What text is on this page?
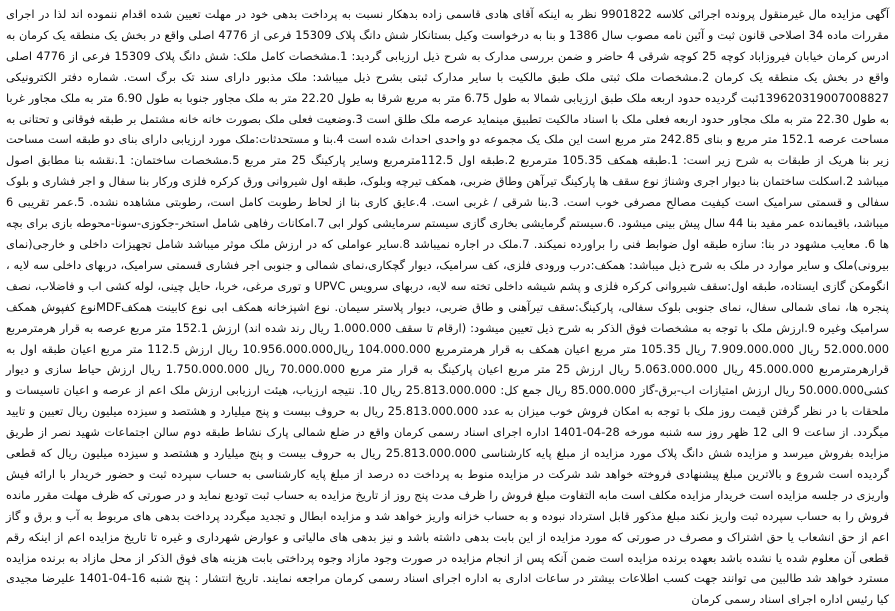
آگهی مزایده مال غیرمنقول پرونده اجرائی کلاسه 9901822 نظر به اینکه آقای هادی قاسمی زاده بدهکار نسبت به پرداخت بدهی خود در مهلت تعیین شده اقدام ننموده اند لذا در اجرای مقررات ماده 34 اصلاحی قانون ثبت و آئین نامه مصوب سال 1386 و بنا به درخواست وکیل بستانکار شش دانگ پلاک 15309 فرعی از 4776 اصلی واقع در بخش یک منطقه یک کرمان به ادرس کرمان خیابان فیروزاباد کوچه 25 کوچه شرقی 4 حاضر و ضمن بررسی مدارک به شرح ذیل ارزیابی گردید: 1.مشخصات کامل ملک: شش دانگ پلاک 15309 فرعی از 4776 اصلی واقع در بخش یک منطقه یک کرمان 2.مشخصات ملک ثبتی ملک طبق مالکیت با سایر مدارک ثبتی بشرح ذیل میباشد: ملک مذبور دارای سند تک برگ است. شماره دفتر الکترونیکی 139620319007008827ثبت گردیده حدود اربعه ملک طبق ارزیابی شمالا به طول 6.75 متر به مربع شرقا به طول 22.20 متر به ملک مجاور جنوبا به طول 6.90 متر به ملک مجاور غربا به طول 22.30 متر به ملک مجاور حدود اربعه فعلی ملک با اسناد مالکیت تطبیق مینماید عرصه ملک طلق است 3.وضعیت فعلی ملک بصورت خانه خانه مشتمل بر طبقه فوقانی و تحتانی به مساحت عرصه 152.1 متر مربع و بنای 242.85 متر مربع است این ملک یک مجموعه دو واحدی احداث شده است 4.بنا و مستحدثات:ملک مورد ارزیابی دارای بنای دو طبقه است مساحت زیر بنا هریک از طبقات به شرح زیر است: 1.طبقه همکف 105.35 مترمربع 2.طبقه اول 112.5مترمربع وسایر پارکینگ 25 متر مربع 5.مشخصات ساختمان: 1.نقشه بنا مطابق اصول میباشد 2.اسکلت ساختمان بنا دیوار اجری وشناژ نوع سقف ها پارکینگ تیرآهن وطاق ضربی، همکف تیرچه وبلوک، طبقه اول شیروانی ورق کرکره فلزی ورکار بنا سفال و اجر فشاری و بلوک سفالی و قسمتی سرامیک است کیفیت مصالح مصرفی خوب است. 3.بنا شرقی / غربی است. 4.عایق کاری بنا از لحاظ رطوبت کامل است، رطوبتی مشاهده نشده. 5.عمر تقریبی 6 میباشد، باقیمانده عمر مفید بنا 44 سال پیش بینی میشود. 6.سیستم گرمایشی بخاری گازی سیستم سرمایشی کولر ابی 7.امکانات رفاهی شامل استخر-جکوزی-سونا-محوطه بازی برای بچه ها 6. معایب مشهود در بنا: سازه طبقه اول ضوابط فنی را براورده نمیکند. 7.ملک در اجاره نمیباشد 8.سایر عواملی که در ارزش ملک موثر میباشد شامل تجهیزات داخلی و خارجی(نمای بیرونی)ملک و سایر موارد در ملک به شرح ذیل میباشد: همکف:درب ورودی فلزی، کف سرامیک، دیوار گچکاری،نمای شمالی و جنوبی اجر فشاری قسمتی سرامیک، دربهای داخلی سه لایه ، انگومکن گازی ایستاده، طبقه اول:سقف شیروانی کرکره فلزی و پشم شیشه داخلی تخته سه لایه، دربهای سرویس UPVC و توری مرغی، خربا، حایل چینی، لوله کشی اب و فاضلاب، نصف پنجره ها، نمای شمالی سفال، نمای جنوبی بلوک سفالی، پارکینگ:سقف تیرآهنی و طاق ضربی، دیوار پلاستر سیمان. نوع اشپزخانه همکف ابی نوع کابینت همکفMDFنوع کفپوش همکف سرامیک وغیره 9.ارزش ملک با توجه به مشخصات فوق الذکر به شرح ذیل تعیین میشود: (ارقام تا سقف 1.000.000 ریال رند شده اند) ارزش 152.1 متر مربع عرصه به قرار هرمترمربع 52.000.000 ریال 7.909.000.000 ریال 105.35 متر مربع اعیان همکف به قرار هرمترمربع 104.000.000 ریال10.956.000.000 ریال ارزش 112.5 متر مربع اعیان طبقه اول به قرارهرمترمربع 45.000.000 ریال 5.063.000.000 ریال ارزش 25 متر مربع اعیان پارکینگ به قرار متر مربع 70.000.000 ریال 1.750.000.000 ریال ارزش حیاط سازی و دیوار کشی50.000.000 ریال ارزش امتیازات اب-برق-گاز 85.000.000 ریال جمع کل: 25.813.000.000 ریال 10. نتیجه ارزیاب، هیئت ارزیابی ارزش ملک اعم از عرصه و اعیان تاسیسات و ملحقات با در نظر گرفتن قیمت روز ملک با توجه به امکان فروش خوب میزان به عدد 25.813.000.000 ریال به حروف بیست و پنج میلیارد و هشتصد و سیزده میلیون ریال تعیین و تایید میگردد. از ساعت 9 الی 12 ظهر روز سه شنبه مورخه 28-04-1401 اداره اجرای اسناد رسمی کرمان واقع در ضلع شمالی پارک نشاط طبقه دوم سالن اجتماعات شهید نصر از طریق مزایده بفروش میرسد و مزایده شش دانگ پلاک مورد مزایده از مبلغ پایه کارشناسی 25.813.000.000 ریال به حروف بیست و پنج میلیارد و هشتصد و سیزده میلیون ریال که قطعی گردیده است شروع و بالاترین مبلغ پیشنهادی فروخته خواهد شد شرکت در مزایده منوط به پرداخت ده درصد از مبلغ پایه کارشناسی به حساب سپرده ثبت و حضور خریدار با ارائه فیش واریزی در جلسه مزایده است خریدار مزایده مکلف است مابه التفاوت مبلغ فروش را ظرف مدت پنج روز از تاریخ مزایده به حساب ثبت تودیع نماید و در صورتی که ظرف مهلت مقرر مانده فروش را به حساب سپرده ثبت واریز نکند مبلغ مذکور قابل استرداد نبوده و به حساب خزانه واریز خواهد شد و مزایده ابطال و تجدید میگردد پرداخت بدهی های مربوط به آب و برق و گاز اعم از حق انشعاب یا حق اشتراک و مصرف در صورتی که مورد مزایده از این بابت بدهی داشته باشد و نیز بدهی های مالیاتی و عوارض شهرداری و غیره تا تاریخ مزایده اعم از اینکه رقم قطعی آن معلوم شده یا نشده باشد بعهده برنده مزایده است ضمن آنکه پس از انجام مزایده در صورت وجود مازاد وجوه پرداختی بابت هزینه های فوق الذکر از محل مازاد به برنده مزایده مسترد خواهد شد طالبین می توانند جهت کسب اطلاعات بیشتر در ساعات اداری به اداره اجرای اسناد رسمی کرمان مراجعه نمایند. تاریخ انتشار : پنج شنبه 16-04-1401 علیرضا مجیدی کیا رئیس اداره اجرای اسناد رسمی کرمان
